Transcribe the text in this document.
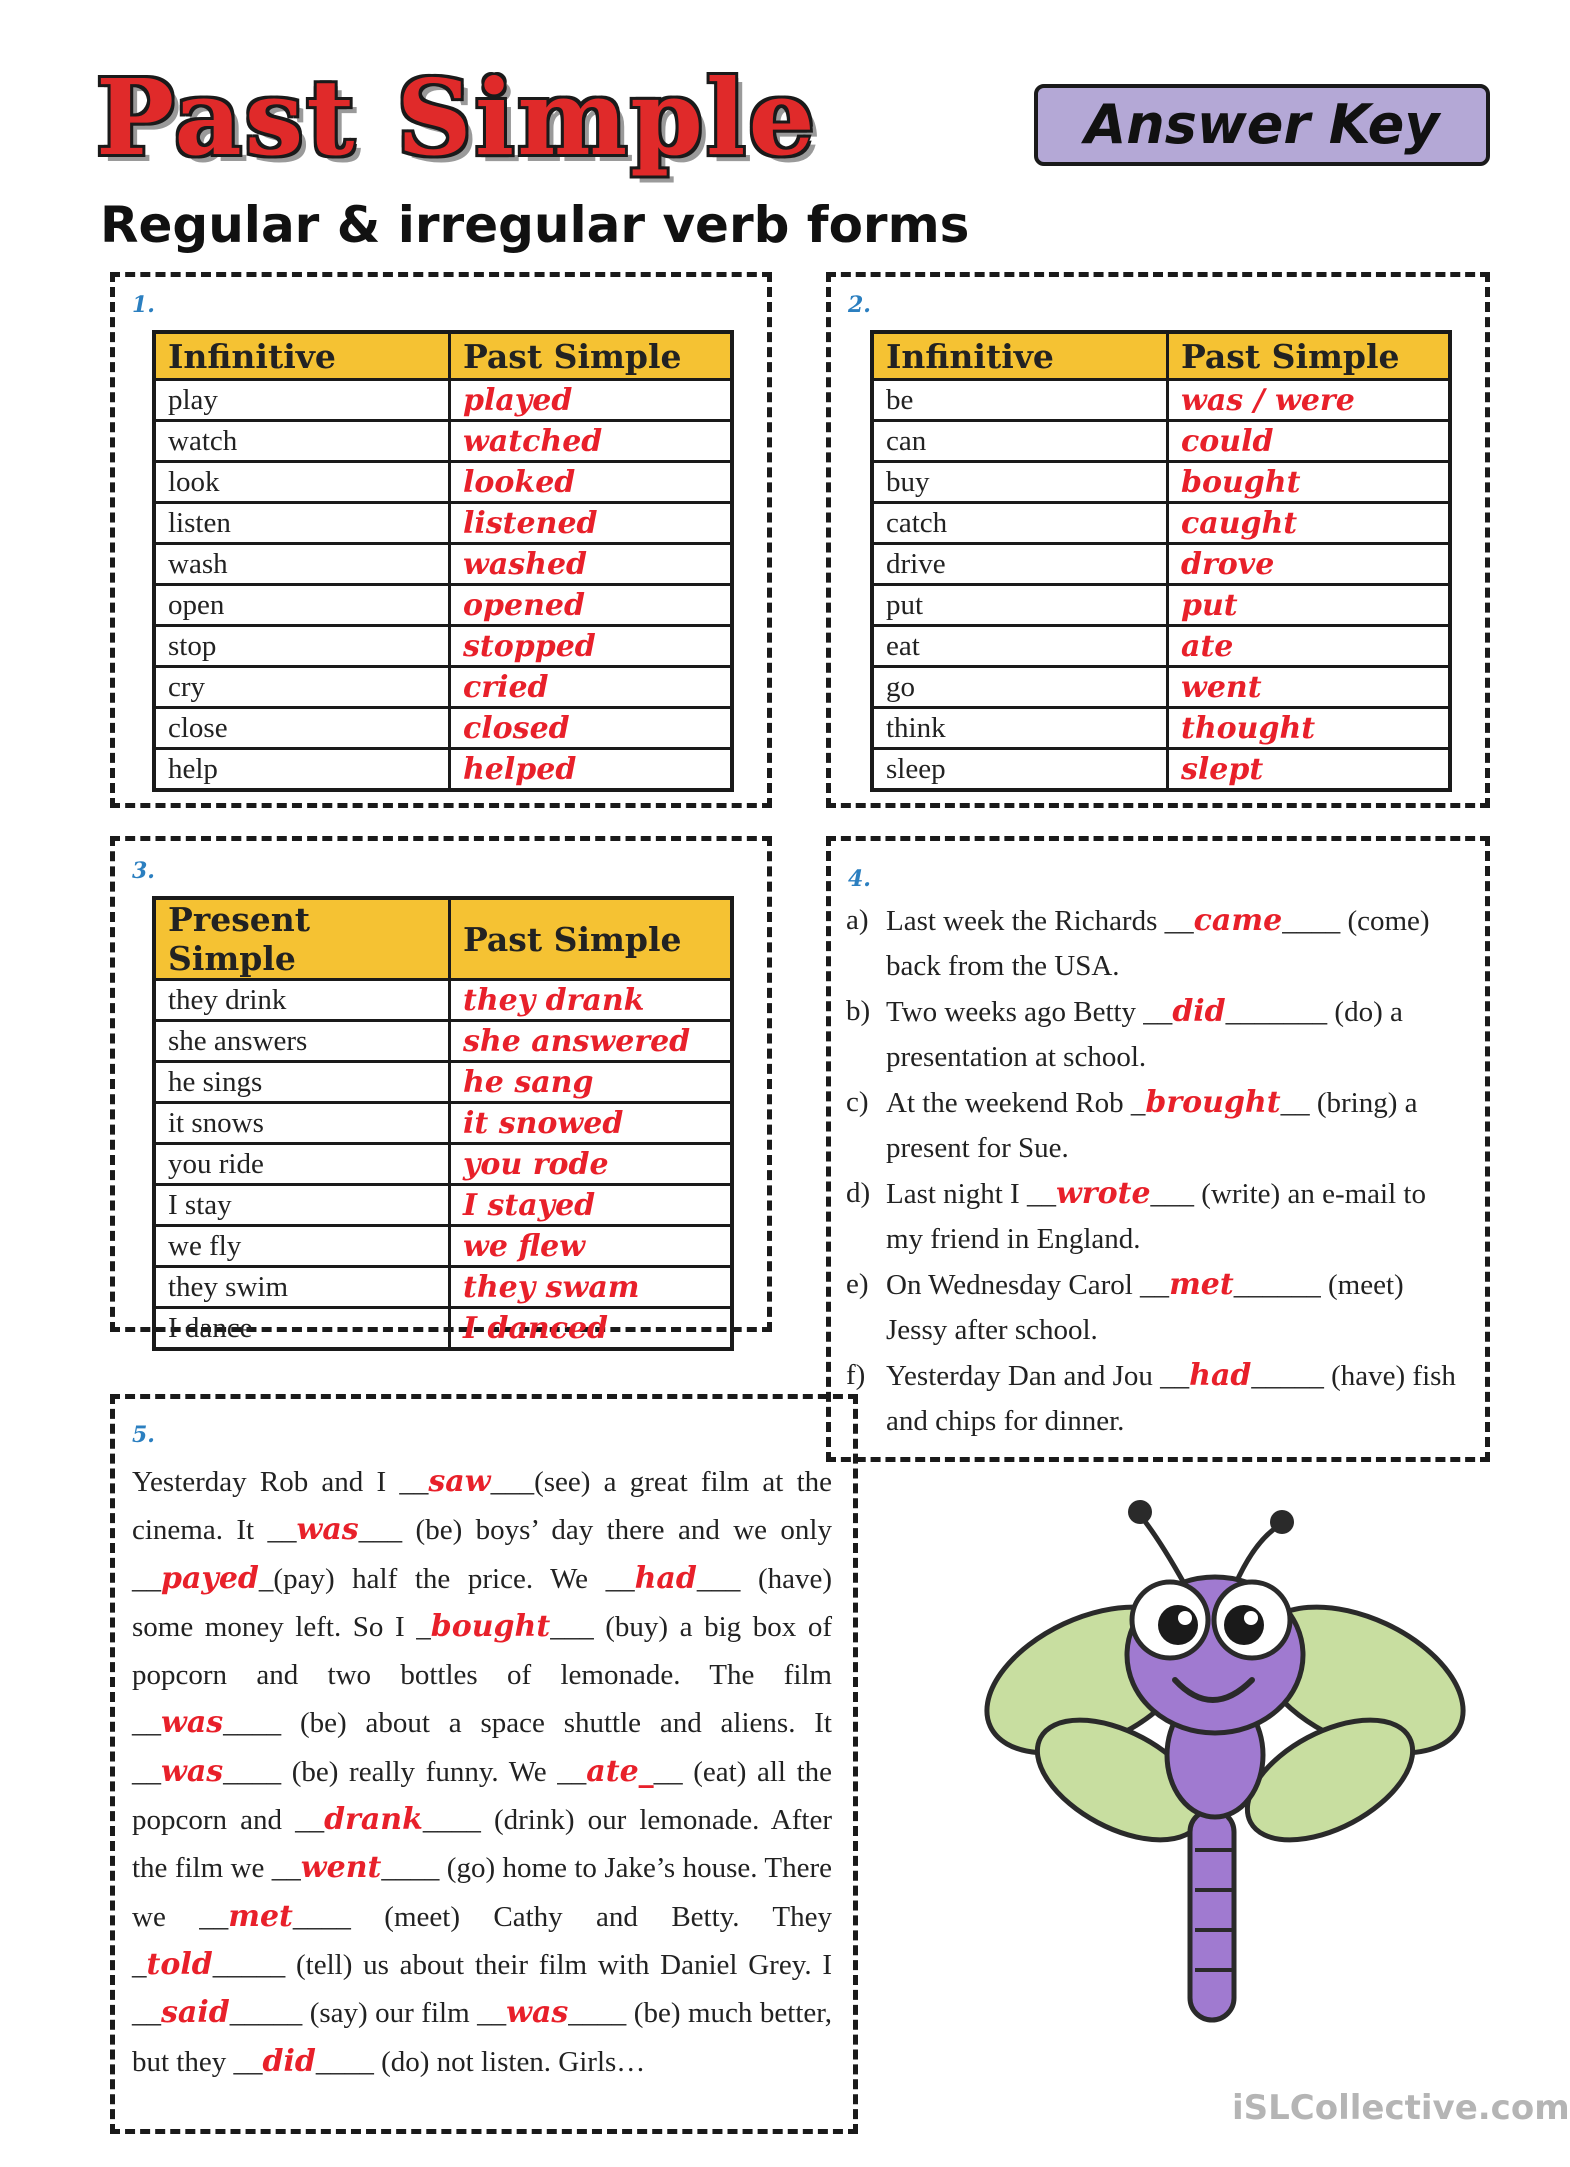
Past Simple	Answer Key
Regular & irregular verb forms
1.
Infinitive	Past Simple
play	played
watch	watched
look	looked
listen	listened
wash	washed
open	opened
stop	stopped
cry	cried
close	closed
help	helped
2.
Infinitive	Past Simple
be	was / were
can	could
buy	bought
catch	caught
drive	drove
put	put
eat	ate
go	went
think	thought
sleep	slept
3.
Present Simple	Past Simple
they drink	they drank
she answers	she answered
he sings	he sang
it snows	it snowed
you ride	you rode
I stay	I stayed
we fly	we flew
they swim	they swam
I dance	I danced
4.
a) Last week the Richards __came____ (come) back from the USA.
b) Two weeks ago Betty __did_______ (do) a presentation at school.
c) At the weekend Rob _brought__ (bring) a present for Sue.
d) Last night I __wrote___ (write) an e-mail to my friend in England.
e) On Wednesday Carol __met______ (meet) Jessy after school.
f) Yesterday Dan and Jou __had_____ (have) fish and chips for dinner.
5.
Yesterday Rob and I __saw___(see) a great film at the cinema. It __was___ (be) boys’ day there and we only __payed_(pay) half the price. We __had___ (have) some money left. So I _bought___ (buy) a big box of popcorn and two bottles of lemonade. The film __was____ (be) about a space shuttle and aliens. It __was____ (be) really funny. We __ate___ (eat) all the popcorn and __drank____ (drink) our lemonade. After the film we __went____ (go) home to Jake’s house. There we __met____ (meet) Cathy and Betty. They _told_____ (tell) us about their film with Daniel Grey. I __said_____ (say) our film __was____ (be) much better, but they __did____ (do) not listen. Girls…
iSLCollective.com
